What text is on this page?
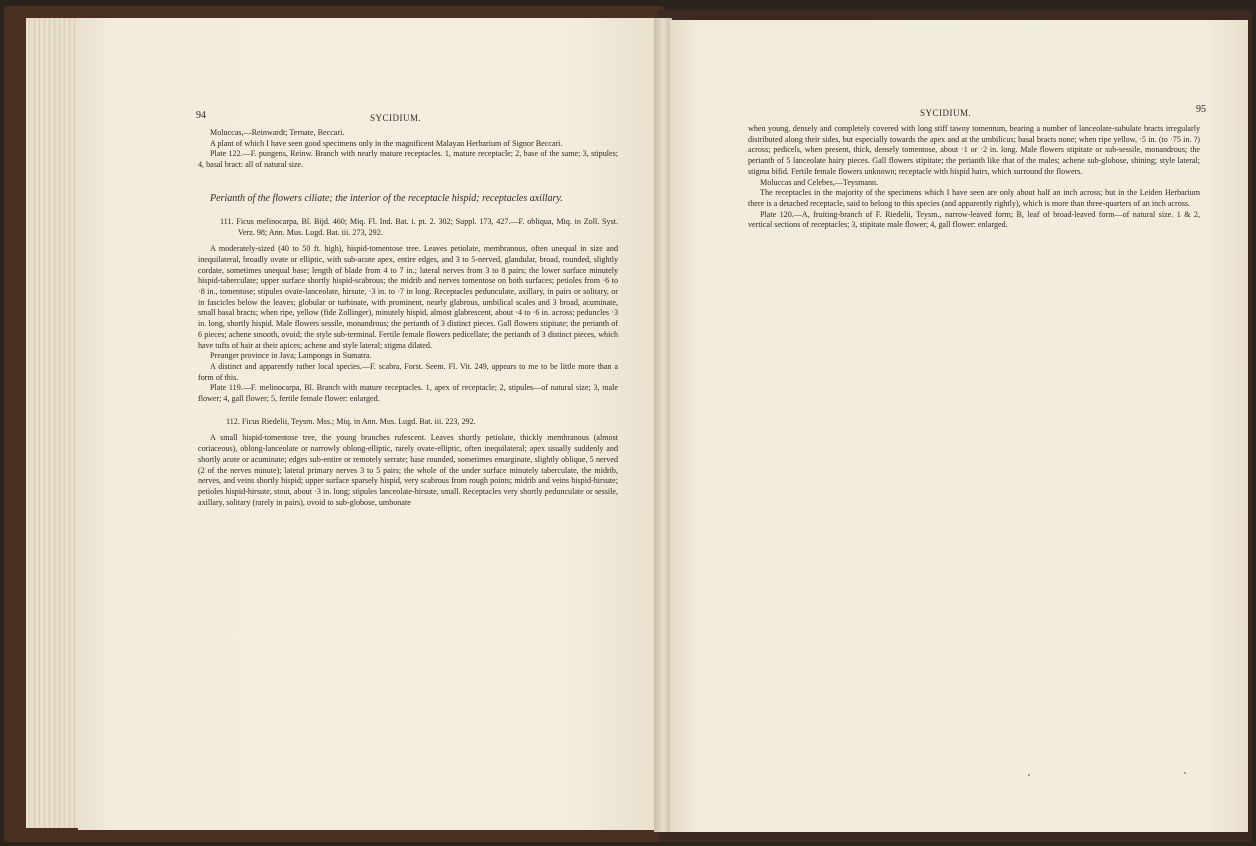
94	SYCIDIUM.

Moluccas,—Reinwardt; Ternate, Beccari.

A plant of which I have seen good specimens only in the magnificent Malayan Herbarium of Signor Beccari.

Plate 122.—F. pungens, Reinw. Branch with nearly mature receptacles. 1, mature receptacle; 2, base of the same; 3, stipules; 4, basal bract: all of natural size.

Perianth of the flowers ciliate; the interior of the receptacle hispid; receptacles axillary.

111. Ficus melinocarpa, Bl. Bijd. 460; Miq. Fl. Ind. Bat. i. pt. 2. 302; Suppl. 173, 427.—F. obliqua, Miq. in Zoll. Syst. Verz. 98; Ann. Mus. Lugd. Bat. iii. 273, 292.

A moderately-sized (40 to 50 ft. high), hispid-tomentose tree. Leaves petiolate, membranous, often unequal in size and inequilateral, broadly ovate or elliptic, with sub-acute apex, entire edges, and 3 to 5-nerved, glandular, broad, rounded, slightly cordate, sometimes unequal base; length of blade from 4 to 7 in.; lateral nerves from 3 to 8 pairs; the lower surface minutely hispid-taberculate; upper surface shortly hispid-scabrous; the midrib and nerves tomentose on both surfaces; petioles from ·6 to ·8 in., tomentose; stipules ovate-lanceolate, hirsute, ·3 in. to ·7 in long. Receptacles pedunculate, axillary, in pairs or solitary, or in fascicles below the leaves; globular or turbinate, with prominent, nearly glabrous, umbilical scales and 3 broad, acuminate, small basal bracts; when ripe, yellow (fide Zollinger), minutely hispid, almost glabrescent, about ·4 to ·6 in. across; peduncles ·3 in. long, shortly hispid. Male flowers sessile, monandrous; the perianth of 3 distinct pieces. Gall flowers stipitate; the perianth of 6 pieces; achene smooth, ovoid; the style sub-terminal. Fertile female flowers pedicellate; the perianth of 3 distinct pieces, which have tufts of hair at their apices; achene and style lateral; stigma dilated.

Preanger province in Java; Lampongs in Sumatra.

A distinct and apparently rather local species.—F. scabra, Forst. Seem. Fl. Vit. 249, appears to me to be little more than a form of this.

Plate 119.—F. melinocarpa, Bl. Branch with mature receptacles. 1, apex of receptacle; 2, stipules—of natural size; 3, male flower; 4, gall flower; 5, fertile female flower: enlarged.

112. Ficus Riedelii, Teysm. Mss.; Miq. in Ann. Mus. Lugd. Bat. iii. 223, 292.

A small hispid-tomentose tree, the young branches rufescent. Leaves shortly petiolate, thickly membranous (almost coriaceous), oblong-lanceolate or narrowly oblong-elliptic, rarely ovate-elliptic, often inequilateral; apex usually suddenly and shortly acute or acuminate; edges sub-entire or remotely serrate; base rounded, sometimes emarginate, slightly oblique, 5 nerved (2 of the nerves minute); lateral primary nerves 3 to 5 pairs; the whole of the under surface minutely taberculate, the midrib, nerves, and veins shortly hispid; upper surface sparsely hispid, very scabrous from rough points; midrib and veins hispid-hirsute; petioles hispid-hirsute, stout, about ·3 in. long; stipules lanceolate-hirsute, small. Receptacles very shortly pedunculate or sessile, axillary, solitary (rarely in pairs), ovoid to sub-globose, umbonate

SYCIDIUM.	95

when young, densely and completely covered with long stiff tawny tomentum, bearing a number of lanceolate-subulate bracts irregularly distributed along their sides, but especially towards the apex and at the umbilicus; basal bracts none; when ripe yellow, ·5 in. (to ·75 in. ?) across; pedicels, when present, thick, densely tomentose, about ·1 or ·2 in. long. Male flowers stipitate or sub-sessile, monandrous; the perianth of 5 lanceolate hairy pieces. Gall flowers stipitate; the perianth like that of the males; achene sub-globose, shining; style lateral; stigma bifid. Fertile female flowers unknown; receptacle with hispid hairs, which surround the flowers.

Moluccas and Celebes,—Teysmann.

The receptacles in the majority of the specimens which I have seen are only about half an inch across; but in the Leiden Herbarium there is a detached receptacle, said to belong to this species (and apparently rightly), which is more than three-quarters of an inch across.

Plate 120.—A, fruiting-branch of F. Riedelii, Teysm., narrow-leaved form; B, leaf of broad-leaved form—of natural size. 1 & 2, vertical sections of receptacles; 3, stipitate male flower; 4, gall flower: enlarged.
